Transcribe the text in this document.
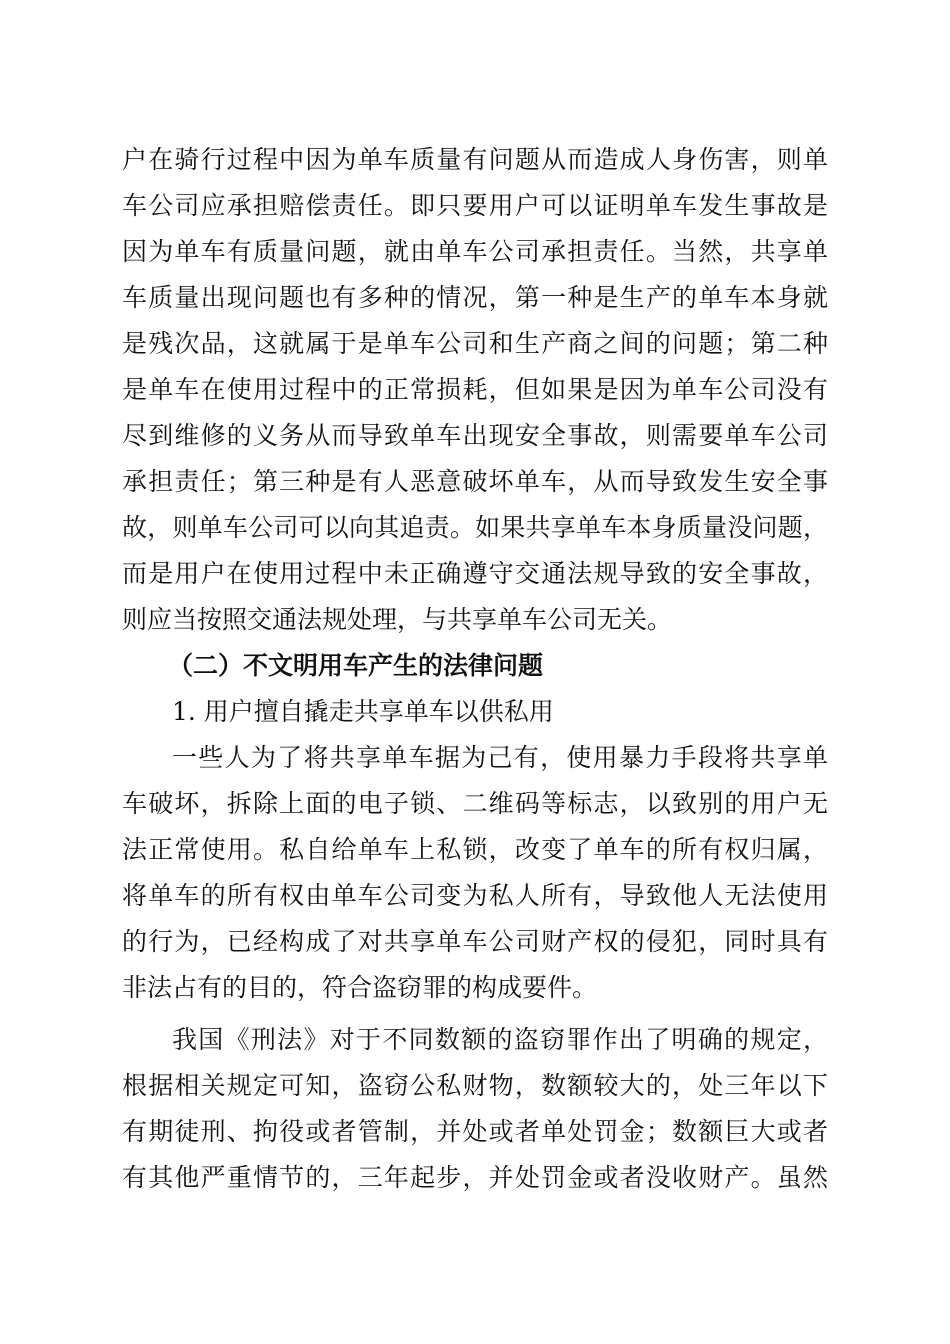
户在骑行过程中因为单车质量有问题从而造成人身伤害，则单
车公司应承担赔偿责任。即只要用户可以证明单车发生事故是
因为单车有质量问题，就由单车公司承担责任。当然，共享单
车质量出现问题也有多种的情况，第一种是生产的单车本身就
是残次品，这就属于是单车公司和生产商之间的问题；第二种
是单车在使用过程中的正常损耗，但如果是因为单车公司没有
尽到维修的义务从而导致单车出现安全事故，则需要单车公司
承担责任；第三种是有人恶意破坏单车，从而导致发生安全事
故，则单车公司可以向其追责。如果共享单车本身质量没问题，
而是用户在使用过程中未正确遵守交通法规导致的安全事故，
则应当按照交通法规处理，与共享单车公司无关。
（二）不文明用车产生的法律问题
1. 用户擅自撬走共享单车以供私用
一些人为了将共享单车据为己有，使用暴力手段将共享单
车破坏，拆除上面的电子锁、二维码等标志，以致别的用户无
法正常使用。私自给单车上私锁，改变了单车的所有权归属，
将单车的所有权由单车公司变为私人所有，导致他人无法使用
的行为，已经构成了对共享单车公司财产权的侵犯，同时具有
非法占有的目的，符合盗窃罪的构成要件。
我国《刑法》对于不同数额的盗窃罪作出了明确的规定，
根据相关规定可知，盗窃公私财物，数额较大的，处三年以下
有期徒刑、拘役或者管制，并处或者单处罚金；数额巨大或者
有其他严重情节的，三年起步，并处罚金或者没收财产。虽然
